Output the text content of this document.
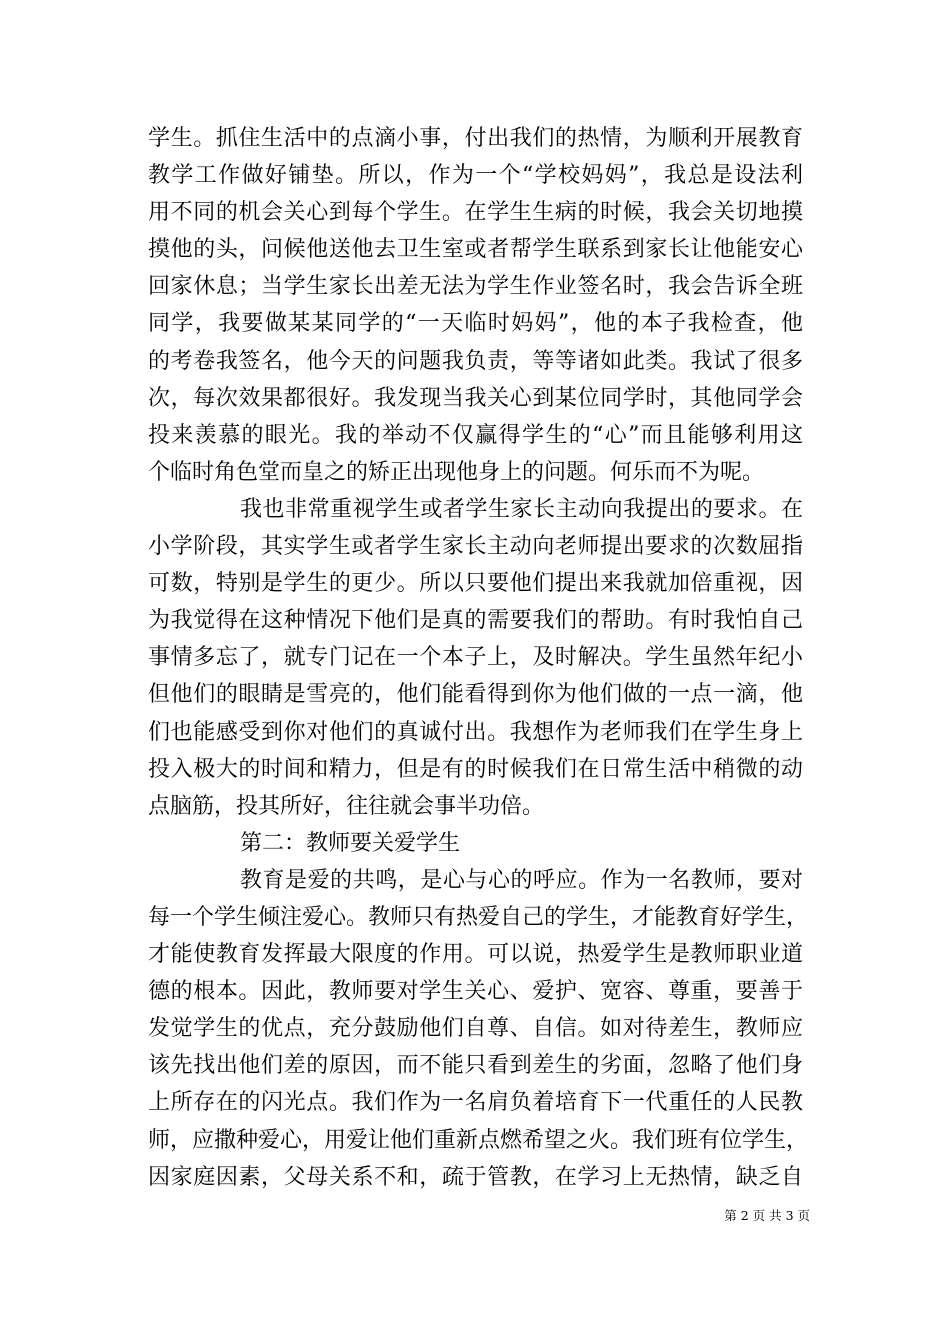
学生。抓住生活中的点滴小事，付出我们的热情，为顺利开展教育
教学工作做好铺垫。所以，作为一个“学校妈妈”，我总是设法利
用不同的机会关心到每个学生。在学生生病的时候，我会关切地摸
摸他的头，问候他送他去卫生室或者帮学生联系到家长让他能安心
回家休息；当学生家长出差无法为学生作业签名时，我会告诉全班
同学，我要做某某同学的“一天临时妈妈”，他的本子我检查，他
的考卷我签名，他今天的问题我负责，等等诸如此类。我试了很多
次，每次效果都很好。我发现当我关心到某位同学时，其他同学会
投来羡慕的眼光。我的举动不仅赢得学生的“心”而且能够利用这
个临时角色堂而皇之的矫正出现他身上的问题。何乐而不为呢。
我也非常重视学生或者学生家长主动向我提出的要求。在
小学阶段，其实学生或者学生家长主动向老师提出要求的次数屈指
可数，特别是学生的更少。所以只要他们提出来我就加倍重视，因
为我觉得在这种情况下他们是真的需要我们的帮助。有时我怕自己
事情多忘了，就专门记在一个本子上，及时解决。学生虽然年纪小
但他们的眼睛是雪亮的，他们能看得到你为他们做的一点一滴，他
们也能感受到你对他们的真诚付出。我想作为老师我们在学生身上
投入极大的时间和精力，但是有的时候我们在日常生活中稍微的动
点脑筋，投其所好，往往就会事半功倍。
第二：教师要关爱学生
教育是爱的共鸣，是心与心的呼应。作为一名教师，要对
每一个学生倾注爱心。教师只有热爱自己的学生，才能教育好学生，
才能使教育发挥最大限度的作用。可以说，热爱学生是教师职业道
德的根本。因此，教师要对学生关心、爱护、宽容、尊重，要善于
发觉学生的优点，充分鼓励他们自尊、自信。如对待差生，教师应
该先找出他们差的原因，而不能只看到差生的劣面，忽略了他们身
上所存在的闪光点。我们作为一名肩负着培育下一代重任的人民教
师，应撒种爱心，用爱让他们重新点燃希望之火。我们班有位学生，
因家庭因素，父母关系不和，疏于管教，在学习上无热情，缺乏自
第 2 页 共 3 页
